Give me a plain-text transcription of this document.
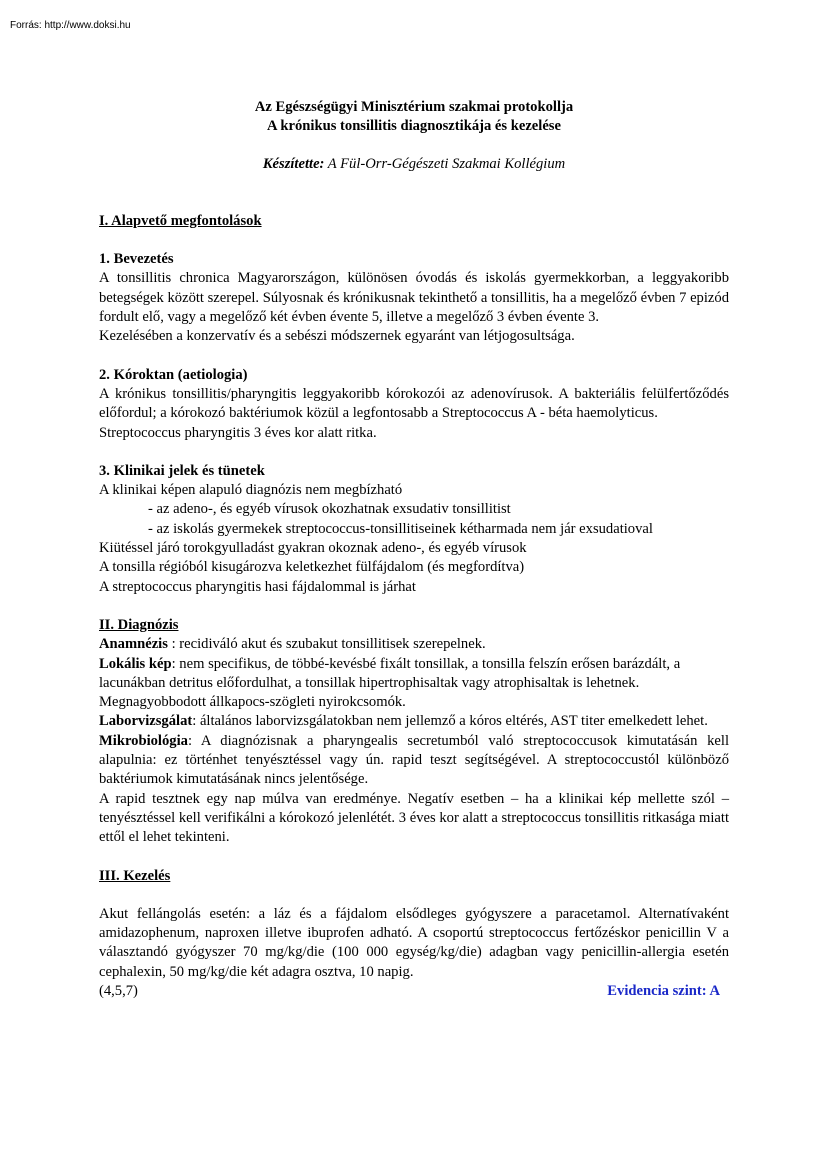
Forrás: http://www.doksi.hu
Az Egészségügyi Minisztérium szakmai protokollja
A krónikus tonsillitis diagnosztikája és kezelése
Készítette: A Fül-Orr-Gégészeti Szakmai Kollégium
I. Alapvető megfontolások
1. Bevezetés

A tonsillitis chronica Magyarországon, különösen óvodás és iskolás gyermekkorban, a leggyakoribb betegségek között szerepel. Súlyosnak és krónikusnak tekinthető a tonsillitis, ha a megelőző évben 7 epizód fordult elő, vagy a megelőző két évben évente 5, illetve a megelőző 3 évben évente 3.

Kezelésében a konzervatív és a sebészi módszernek egyaránt van létjogosultsága.

2. Kóroktan (aetiologia)

A krónikus tonsillitis/pharyngitis leggyakoribb kórokozói az adenovírusok. A bakteriális felülfertőződés előfordul; a kórokozó baktériumok közül a legfontosabb a Streptococcus A - béta haemolyticus.

Streptococcus pharyngitis 3 éves kor alatt ritka.

3. Klinikai jelek és tünetek

A klinikai képen alapuló diagnózis nem megbízható

- az adeno-, és egyéb vírusok okozhatnak exsudativ tonsillitist

- az iskolás gyermekek streptococcus-tonsillitiseinek kétharmada nem jár exsudatioval

Kiütéssel járó torokgyulladást gyakran okoznak adeno-, és egyéb vírusok

A tonsilla régióból kisugározva keletkezhet fülfájdalom (és megfordítva)

A streptococcus pharyngitis hasi fájdalommal is járhat

II. Diagnózis

Anamnézis : recidiváló akut és szubakut tonsillitisek szerepelnek.

Lokális kép: nem specifikus, de többé-kevésbé fixált tonsillak, a tonsilla felszín erősen barázdált, a lacunákban detritus előfordulhat, a tonsillak hipertrophisaltak vagy atrophisaltak is lehetnek. Megnagyobbodott állkapocs-szögleti nyirokcsomók.

Laborvizsgálat: általános laborvizsgálatokban nem jellemző a kóros eltérés, AST titer emelkedett lehet.

Mikrobiológia: A diagnózisnak a pharyngealis secretumból való streptococcusok kimutatásán kell alapulnia: ez történhet tenyésztéssel vagy ún. rapid teszt segítségével. A streptococcustól különböző baktériumok kimutatásának nincs jelentősége.

A rapid tesztnek egy nap múlva van eredménye. Negatív esetben – ha a klinikai kép mellette szól – tenyésztéssel kell verifikálni a kórokozó jelenlétét. 3 éves kor alatt a streptococcus tonsillitis ritkasága miatt ettől el lehet tekinteni.

III. Kezelés

Akut fellángolás esetén: a láz és a fájdalom elsődleges gyógyszere a paracetamol. Alternatívaként amidazophenum, naproxen illetve ibuprofen adható. A csoportú streptococcus fertőzéskor penicillin V a választandó gyógyszer 70 mg/kg/die (100 000 egység/kg/die) adagban vagy penicillin-allergia esetén cephalexin, 50 mg/kg/die két adagra osztva, 10 napig.

(4,5,7)	Evidencia szint: A
